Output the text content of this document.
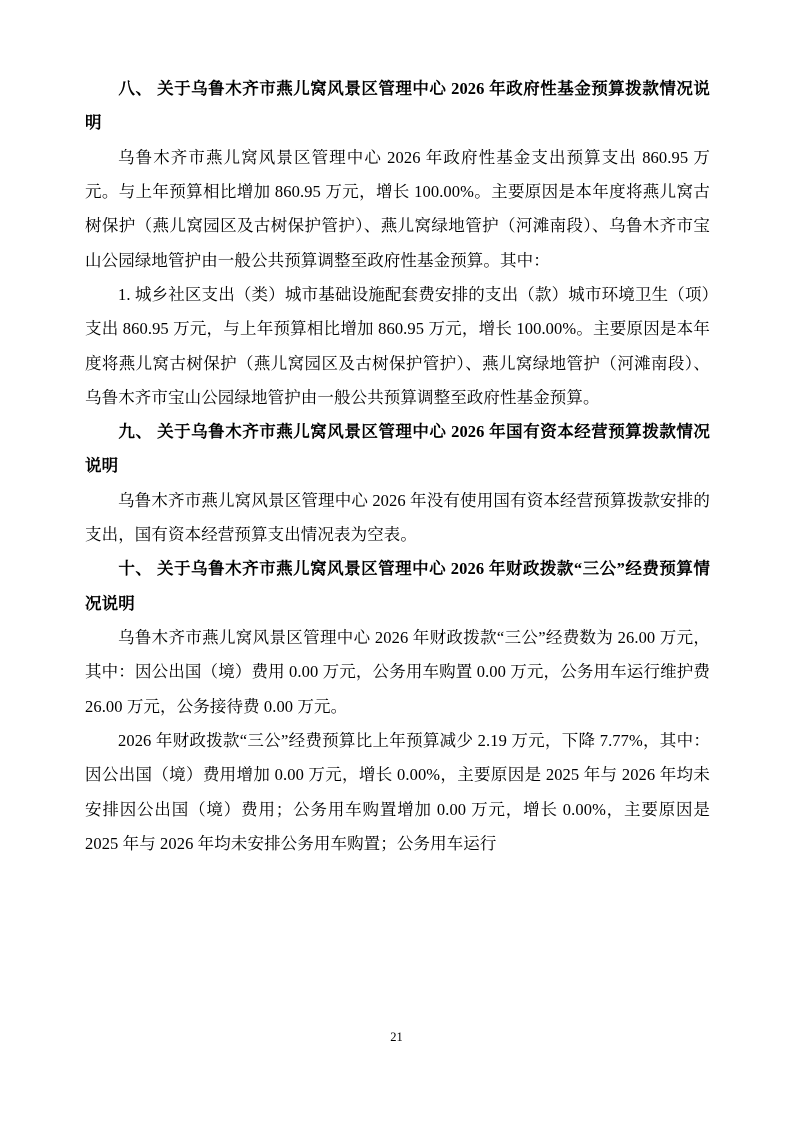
八、 关于乌鲁木齐市燕儿窝风景区管理中心 2026 年政府性基金预算拨款情况说明

乌鲁木齐市燕儿窝风景区管理中心 2026 年政府性基金支出预算支出 860.95 万元。与上年预算相比增加 860.95 万元，增长 100.00%。主要原因是本年度将燕儿窝古树保护（燕儿窝园区及古树保护管护）、燕儿窝绿地管护（河滩南段）、乌鲁木齐市宝山公园绿地管护由一般公共预算调整至政府性基金预算。其中：

1. 城乡社区支出（类）城市基础设施配套费安排的支出（款）城市环境卫生（项）支出 860.95 万元，与上年预算相比增加 860.95 万元，增长 100.00%。主要原因是本年度将燕儿窝古树保护（燕儿窝园区及古树保护管护）、燕儿窝绿地管护（河滩南段）、乌鲁木齐市宝山公园绿地管护由一般公共预算调整至政府性基金预算。

九、 关于乌鲁木齐市燕儿窝风景区管理中心 2026 年国有资本经营预算拨款情况说明

乌鲁木齐市燕儿窝风景区管理中心 2026 年没有使用国有资本经营预算拨款安排的支出，国有资本经营预算支出情况表为空表。

十、 关于乌鲁木齐市燕儿窝风景区管理中心 2026 年财政拨款“三公”经费预算情况说明

乌鲁木齐市燕儿窝风景区管理中心 2026 年财政拨款“三公”经费数为 26.00 万元，其中：因公出国（境）费用 0.00 万元，公务用车购置 0.00 万元，公务用车运行维护费 26.00 万元，公务接待费 0.00 万元。

2026 年财政拨款“三公”经费预算比上年预算减少 2.19 万元，下降 7.77%，其中：因公出国（境）费用增加 0.00 万元，增长 0.00%，主要原因是 2025 年与 2026 年均未安排因公出国（境）费用；公务用车购置增加 0.00 万元，增长 0.00%，主要原因是 2025 年与 2026 年均未安排公务用车购置；公务用车运行

21
